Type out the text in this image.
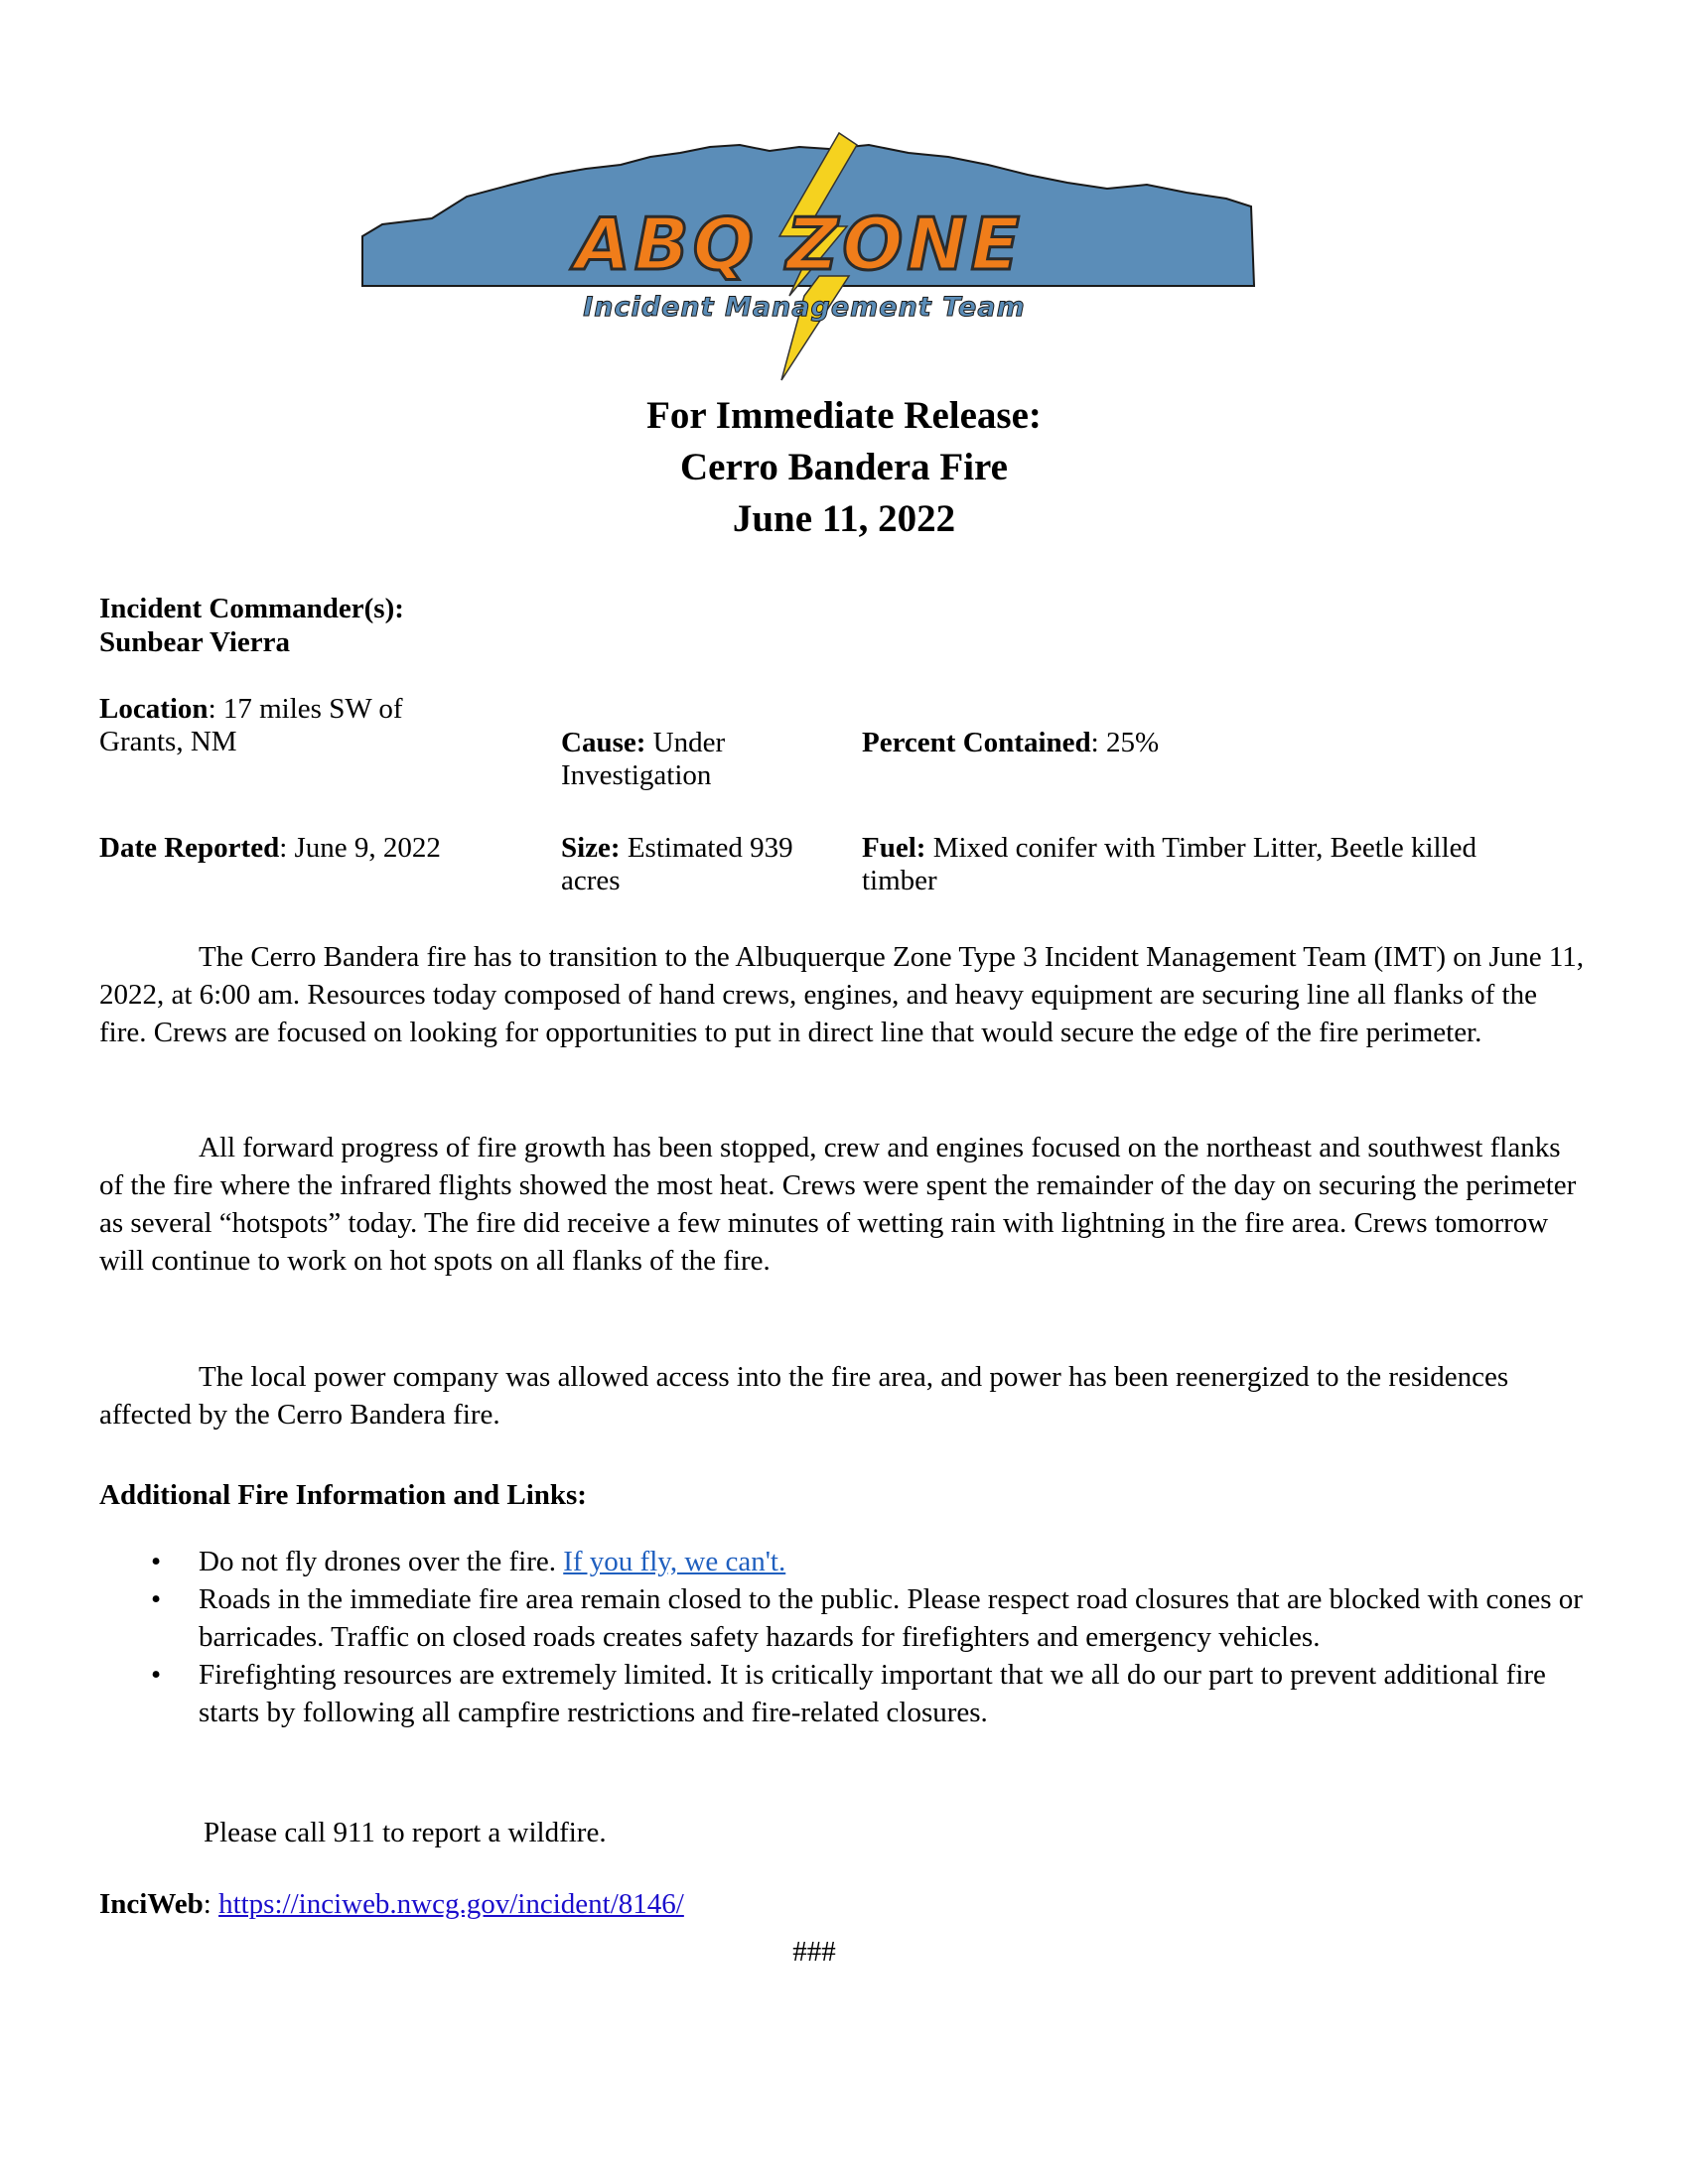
ABQ ZONE
Incident Management Team
For Immediate Release:
Cerro Bandera Fire
June 11, 2022
Incident Commander(s):
Sunbear Vierra
Location: 17 miles SW of
Grants, NM	Cause: Under
Investigation
Percent Contained: 25%
Date Reported: June 9, 2022	Size: Estimated 939
acres
Fuel: Mixed conifer with Timber Litter, Beetle killed
timber
The Cerro Bandera fire has to transition to the Albuquerque Zone Type 3 Incident Management Team (IMT) on June 11, 2022, at 6:00 am. Resources today composed of hand crews, engines, and heavy equipment are securing line all flanks of the fire. Crews are focused on looking for opportunities to put in direct line that would secure the edge of the fire perimeter.
All forward progress of fire growth has been stopped, crew and engines focused on the northeast and southwest flanks of the fire where the infrared flights showed the most heat. Crews were spent the remainder of the day on securing the perimeter as several “hotspots” today. The fire did receive a few minutes of wetting rain with lightning in the fire area. Crews tomorrow will continue to work on hot spots on all flanks of the fire.
The local power company was allowed access into the fire area, and power has been reenergized to the residences affected by the Cerro Bandera fire.
Additional Fire Information and Links:
• Do not fly drones over the fire. If you fly, we can't.
• Roads in the immediate fire area remain closed to the public. Please respect road closures that are blocked with cones or barricades. Traffic on closed roads creates safety hazards for firefighters and emergency vehicles.
• Firefighting resources are extremely limited. It is critically important that we all do our part to prevent additional fire starts by following all campfire restrictions and fire-related closures.
Please call 911 to report a wildfire.
InciWeb: https://inciweb.nwcg.gov/incident/8146/
###
